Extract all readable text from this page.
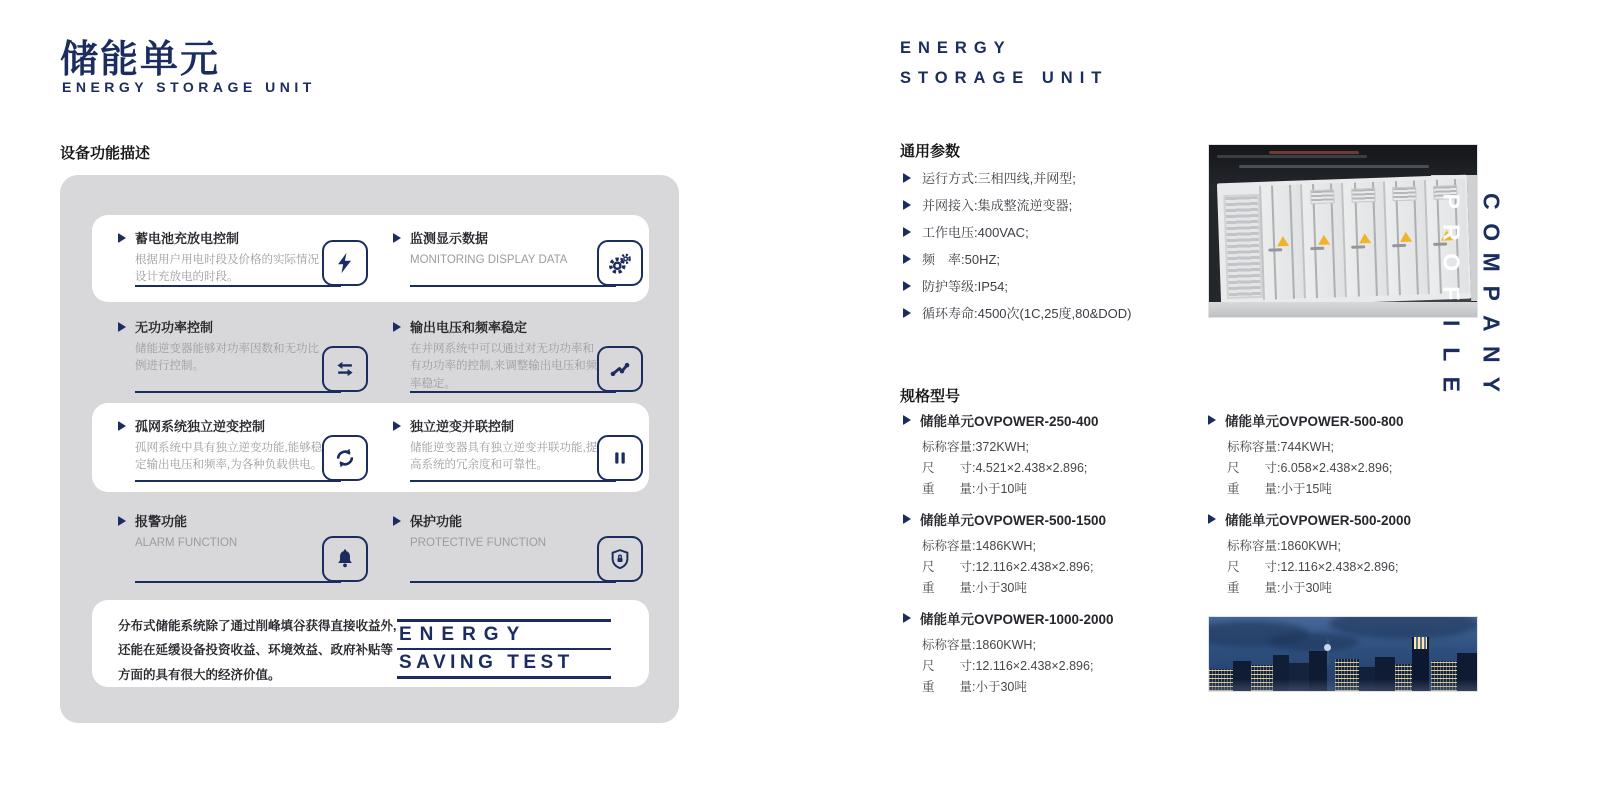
储能单元
ENERGY STORAGE UNIT
设备功能描述
蓄电池充放电控制
根据用户用电时段及价格的实际情况设计充放电的时段。
监测显示数据
MONITORING DISPLAY DATA
无功功率控制
储能逆变器能够对功率因数和无功比例进行控制。
输出电压和频率稳定
在并网系统中可以通过对无功功率和有功功率的控制,来调整输出电压和频率稳定。
孤网系统独立逆变控制
孤网系统中具有独立逆变功能,能够稳定输出电压和频率,为各种负载供电。
独立逆变并联控制
储能逆变器具有独立逆变并联功能,提高系统的冗余度和可靠性。
报警功能
ALARM FUNCTION
保护功能
PROTECTIVE FUNCTION
分布式储能系统除了通过削峰填谷获得直接收益外,还能在延缓设备投资收益、环境效益、政府补贴等方面的具有很大的经济价值。
ENERGY
SAVING TEST
ENERGY
STORAGE UNIT
通用参数
运行方式:三相四线,并网型;
并网接入:集成整流逆变器;
工作电压:400VAC;
频　率:50HZ;
防护等级:IP54;
循环寿命:4500次(1C,25度,80&DOD)
C
O
M
P
A
N
Y
P
R
O
F
I
L
E
规格型号
储能单元OVPOWER-250-400
标称容量:372KWH;
尺　　寸:4.521×2.438×2.896;
重　　量:小于10吨
储能单元OVPOWER-500-800
标称容量:744KWH;
尺　　寸:6.058×2.438×2.896;
重　　量:小于15吨
储能单元OVPOWER-500-1500
标称容量:1486KWH;
尺　　寸:12.116×2.438×2.896;
重　　量:小于30吨
储能单元OVPOWER-500-2000
标称容量:1860KWH;
尺　　寸:12.116×2.438×2.896;
重　　量:小于30吨
储能单元OVPOWER-1000-2000
标称容量:1860KWH;
尺　　寸:12.116×2.438×2.896;
重　　量:小于30吨
